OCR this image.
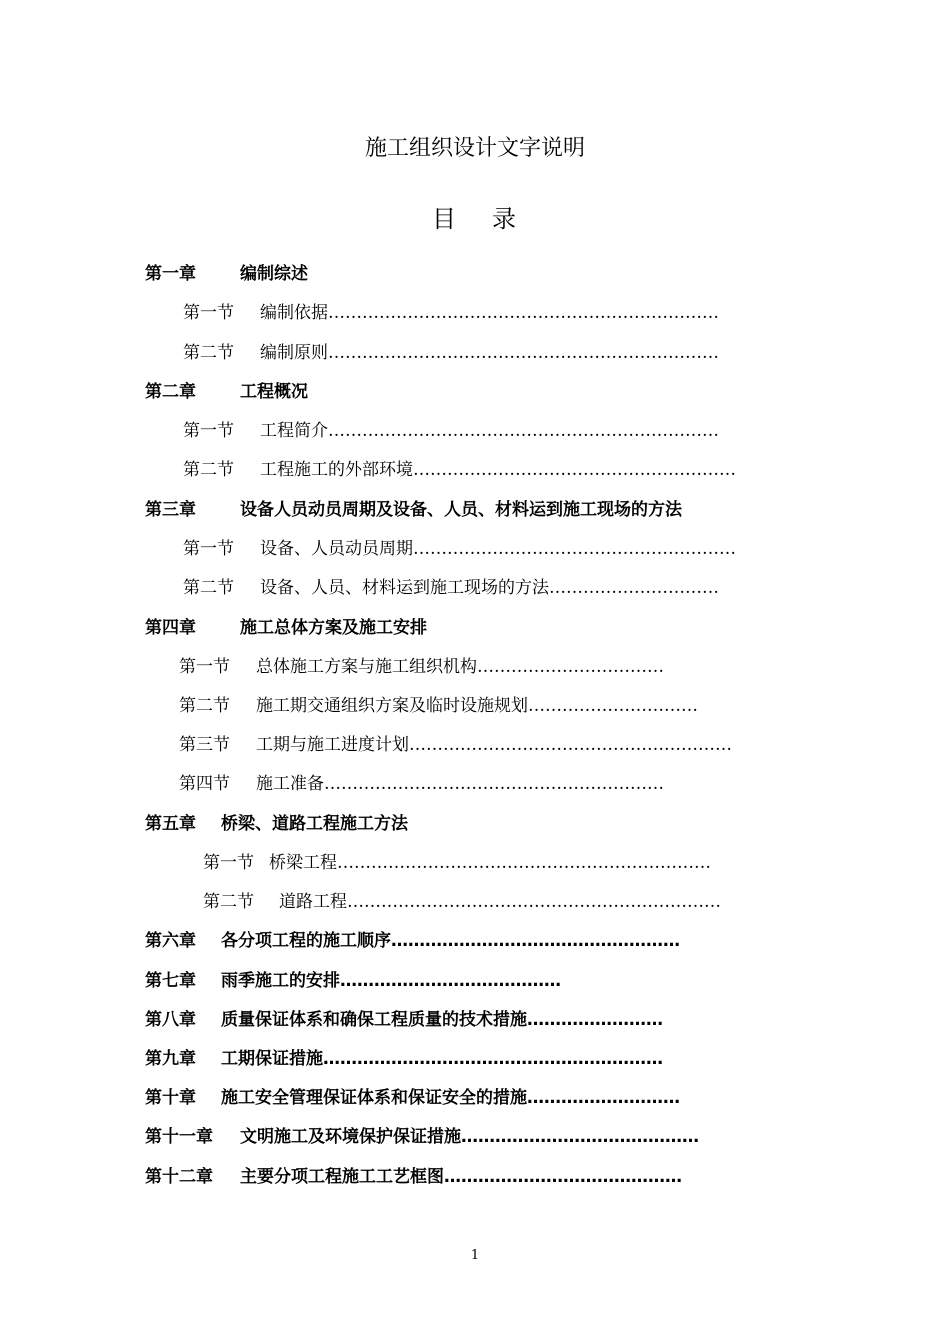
施工组织设计文字说明
目 录
第一章	编制综述
第一节 编制依据……………………………………………………………
第二节 编制原则……………………………………………………………
第二章	工程概况
第一节 工程简介……………………………………………………………
第二节 工程施工的外部环境…………………………………………………
第三章	设备人员动员周期及设备、人员、材料运到施工现场的方法
第一节 设备、人员动员周期…………………………………………………
第二节 设备、人员、材料运到施工现场的方法…………………………
第四章	施工总体方案及施工安排
第一节 总体施工方案与施工组织机构……………………………
第二节 施工期交通组织方案及临时设施规划…………………………
第三节 工期与施工进度计划…………………………………………………
第四节 施工准备……………………………………………………
第五章 桥梁、道路工程施工方法
第一节 桥梁工程…………………………………………………………
第二节 道路工程…………………………………………………………
第六章 各分项工程的施工顺序……………………………………………
第七章 雨季施工的安排…………………………………
第八章 质量保证体系和确保工程质量的技术措施……………………
第九章 工期保证措施……………………………………………………
第十章 施工安全管理保证体系和保证安全的措施………………………
第十一章 文明施工及环境保护保证措施……………………………………
第十二章 主要分项工程施工工艺框图……………………………………
1
